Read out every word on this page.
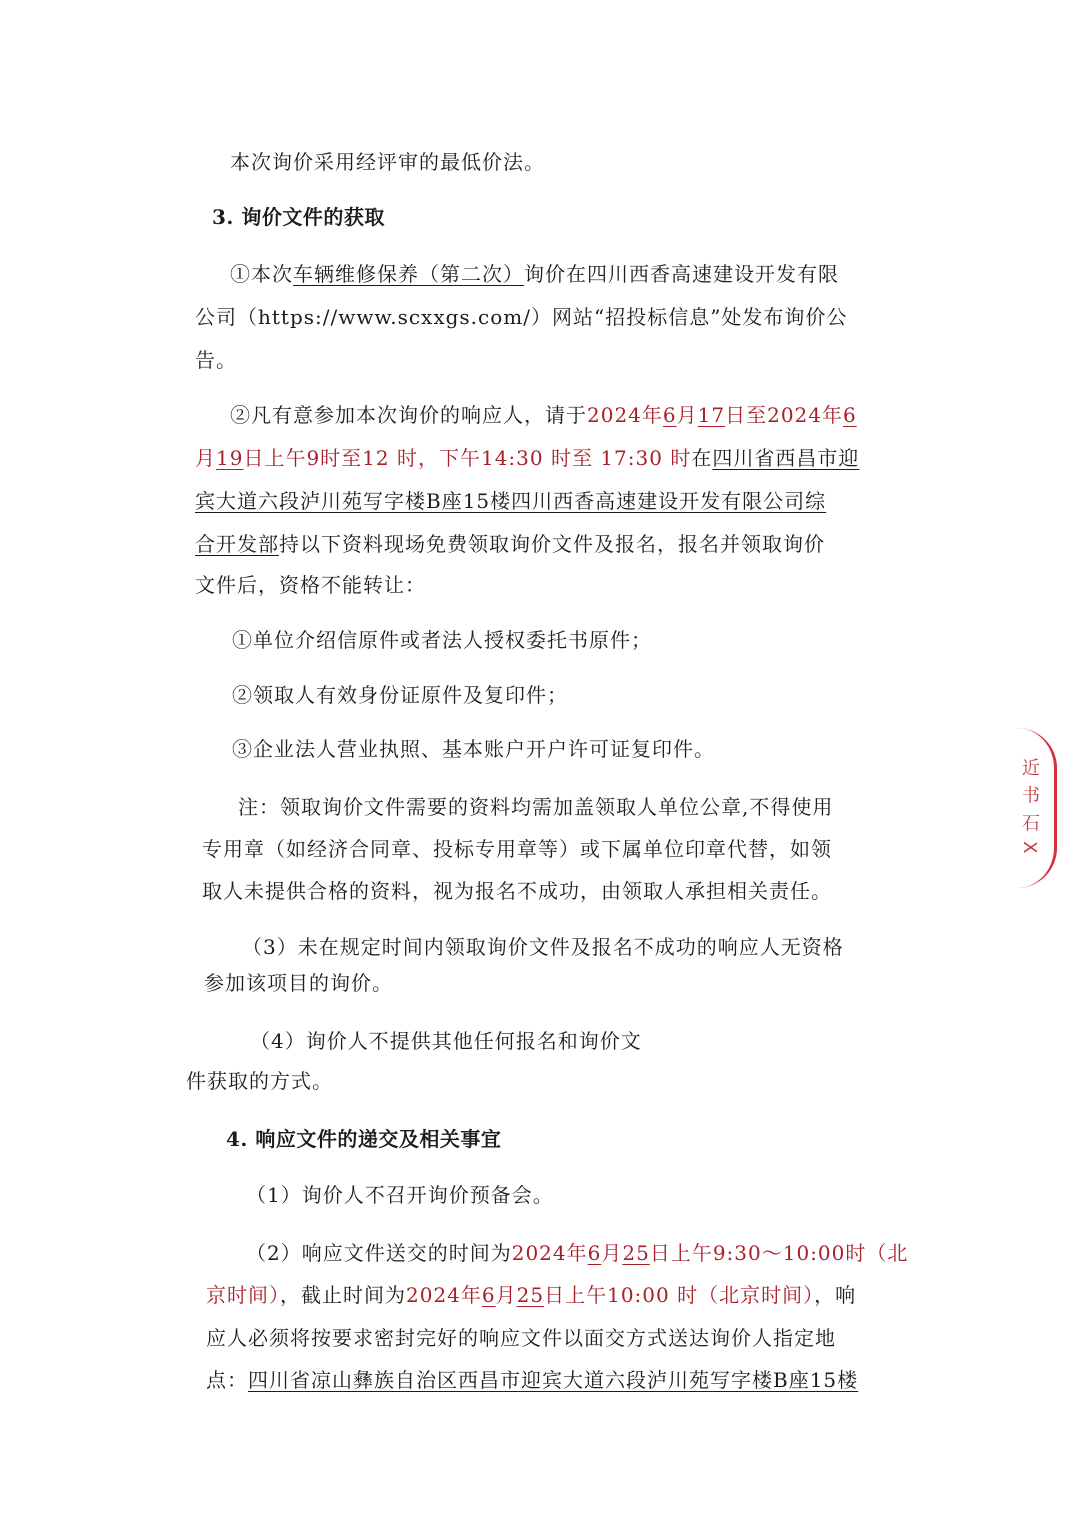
本次询价采用经评审的最低价法。
3. 询价文件的获取
①本次车辆维修保养（第二次）询价在四川西香高速建设开发有限
公司（https://www.scxxgs.com/）网站“招投标信息”处发布询价公
告。
②凡有意参加本次询价的响应人，请于2024年6月17日至2024年6
月19日上午9时至12 时，下午14:30 时至 17:30 时在四川省西昌市迎
宾大道六段泸川苑写字楼B座15楼四川西香高速建设开发有限公司综
合开发部持以下资料现场免费领取询价文件及报名，报名并领取询价
文件后，资格不能转让：
①单位介绍信原件或者法人授权委托书原件；
②领取人有效身份证原件及复印件；
③企业法人营业执照、基本账户开户许可证复印件。
注：领取询价文件需要的资料均需加盖领取人单位公章,不得使用
专用章（如经济合同章、投标专用章等）或下属单位印章代替，如领
取人未提供合格的资料，视为报名不成功，由领取人承担相关责任。
（3）未在规定时间内领取询价文件及报名不成功的响应人无资格
参加该项目的询价。
（4）询价人不提供其他任何报名和询价文
件获取的方式。
4. 响应文件的递交及相关事宜
（1）询价人不召开询价预备会。
（2）响应文件送交的时间为2024年6月25日上午9:30～10:00时（北
京时间），截止时间为2024年6月25日上午10:00 时（北京时间），响
应人必须将按要求密封完好的响应文件以面交方式送达询价人指定地
点：四川省凉山彝族自治区西昌市迎宾大道六段泸川苑写字楼B座15楼
近 书 石 X
